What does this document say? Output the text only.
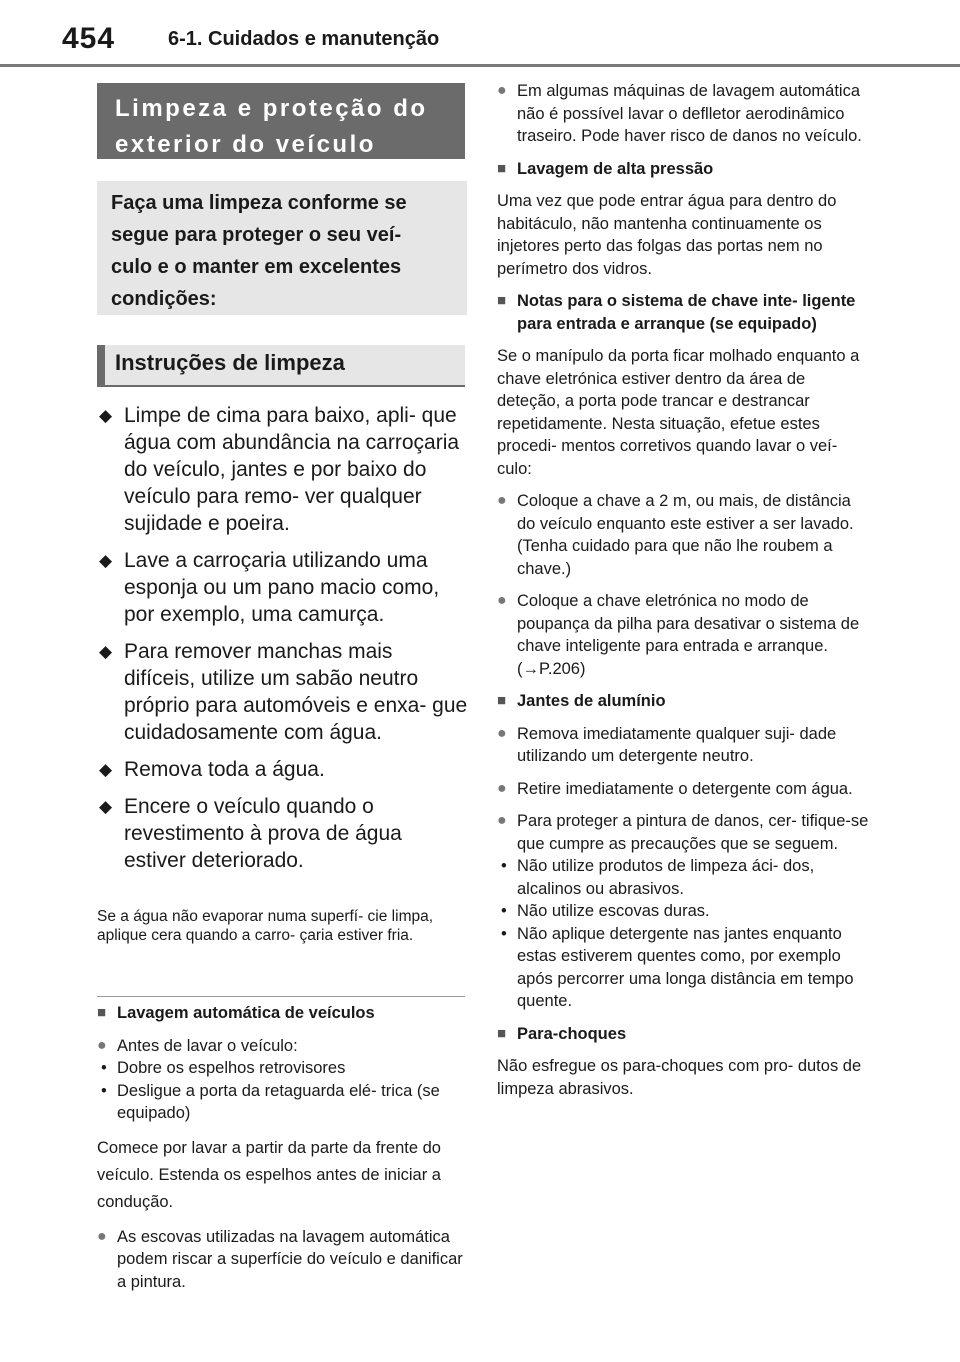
454	6-1. Cuidados e manutenção
Limpeza e proteção do
exterior do veículo
Faça uma limpeza conforme se
segue para proteger o seu veí-
culo e o manter em excelentes
condições:
Instruções de limpeza
◆ Limpe de cima para baixo, apli- que água com abundância na carroçaria do veículo, jantes e por baixo do veículo para remo- ver qualquer sujidade e poeira.
◆ Lave a carroçaria utilizando uma esponja ou um pano macio como, por exemplo, uma camurça.
◆ Para remover manchas mais difíceis, utilize um sabão neutro próprio para automóveis e enxa- gue cuidadosamente com água.
◆ Remova toda a água.
◆ Encere o veículo quando o revestimento à prova de água estiver deteriorado.
Se a água não evaporar numa superfí- cie limpa, aplique cera quando a carro- çaria estiver fria.
■ Lavagem automática de veículos
● Antes de lavar o veículo:
• Dobre os espelhos retrovisores
• Desligue a porta da retaguarda elé- trica (se equipado)
Comece por lavar a partir da parte da frente do veículo. Estenda os espelhos antes de iniciar a condução.
● As escovas utilizadas na lavagem automática podem riscar a superfície do veículo e danificar a pintura.
● Em algumas máquinas de lavagem automática não é possível lavar o deflletor aerodinâmico traseiro. Pode haver risco de danos no veículo.
■ Lavagem de alta pressão
Uma vez que pode entrar água para dentro do habitáculo, não mantenha continuamente os injetores perto das folgas das portas nem no perímetro dos vidros.
■ Notas para o sistema de chave inte- ligente para entrada e arranque (se equipado)
Se o manípulo da porta ficar molhado enquanto a chave eletrónica estiver dentro da área de deteção, a porta pode trancar e destrancar repetidamente. Nesta situação, efetue estes procedi- mentos corretivos quando lavar o veí- culo:
● Coloque a chave a 2 m, ou mais, de distância do veículo enquanto este estiver a ser lavado. (Tenha cuidado para que não lhe roubem a chave.)
● Coloque a chave eletrónica no modo de poupança da pilha para desativar o sistema de chave inteligente para entrada e arranque. (→P.206)
■ Jantes de alumínio
● Remova imediatamente qualquer suji- dade utilizando um detergente neutro.
● Retire imediatamente o detergente com água.
● Para proteger a pintura de danos, cer- tifique-se que cumpre as precauções que se seguem.
• Não utilize produtos de limpeza áci- dos, alcalinos ou abrasivos.
• Não utilize escovas duras.
• Não aplique detergente nas jantes enquanto estas estiverem quentes como, por exemplo após percorrer uma longa distância em tempo quente.
■ Para-choques
Não esfregue os para-choques com pro- dutos de limpeza abrasivos.
